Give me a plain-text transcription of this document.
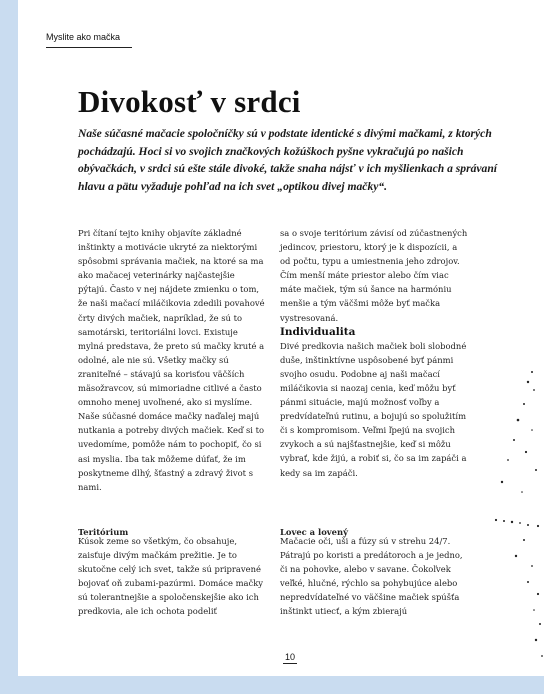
Myslite ako mačka
Divokosť v srdci

Naše súčasné mačacie spoločníčky sú v podstate identické s divými mačkami, z ktorých pochádzajú. Hoci si vo svojich značkových kožúškoch pyšne vykračujú po našich obývačkách, v srdci sú ešte stále divoké, takže snaha nájsť v ich myšlienkach a správaní hlavu a pätu vyžaduje pohľad na ich svet „optikou divej mačky“.

Pri čítaní tejto knihy objavíte základné inštinkty a motivácie ukryté za niektorými spôsobmi správania mačiek, na ktoré sa ma ako mačacej veterinárky najčastejšie pýtajú. Často v nej nájdete zmienku o tom, že naši mačací miláčikovia zdedili povahové črty divých mačiek, napríklad, že sú to samotárski, teritoriálni lovci. Existuje mylná predstava, že preto sú mačky kruté a odolné, ale nie sú. Všetky mačky sú zraniteľné – stávajú sa korisťou väčších mäsožravcov, sú mimoriadne citlivé a často omnoho menej uvoľnené, ako si myslíme. Naše súčasné domáce mačky naďalej majú nutkania a potreby divých mačiek. Keď si to uvedomíme, pomôže nám to pochopiť, čo si asi myslia. Iba tak môžeme dúfať, že im poskytneme dlhý, šťastný a zdravý život s nami.

sa o svoje teritórium závisí od zúčastnených jedincov, priestoru, ktorý je k dispozícii, a od počtu, typu a umiestnenia jeho zdrojov. Čím menší máte priestor alebo čím viac máte mačiek, tým sú šance na harmóniu menšie a tým väčšmi môže byť mačka vystresovaná.

Individualita

Divé predkovia našich mačiek boli slobodné duše, inštinktívne uspôsobené byť pánmi svojho osudu. Podobne aj naši mačací miláčikovia si naozaj cenia, keď môžu byť pánmi situácie, majú možnosť voľby a predvídateľnú rutinu, a bojujú so spolužitím či s kompromisom. Veľmi ľpejú na svojich zvykoch a sú najšťastnejšie, keď si môžu vybrať, kde žijú, a robiť si, čo sa im zapáči a kedy sa im zapáči.

Teritórium

Kúsok zeme so všetkým, čo obsahuje, zaisťuje divým mačkám prežitie. Je to skutočne celý ich svet, takže sú pripravené bojovať oň zubami-pazúrmi. Domáce mačky sú tolerantnejšie a spoločenskejšie ako ich predkovia, ale ich ochota podeliť

Lovec a lovený

Mačacie oči, uši a fúzy sú v strehu 24/7. Pátrajú po koristi a predátoroch a je jedno, či na pohovke, alebo v savane. Čokoľvek veľké, hlučné, rýchlo sa pohybujúce alebo nepredvídateľné vo väčšine mačiek spúšťa inštinkt utiecť, a kým zbierajú

10
